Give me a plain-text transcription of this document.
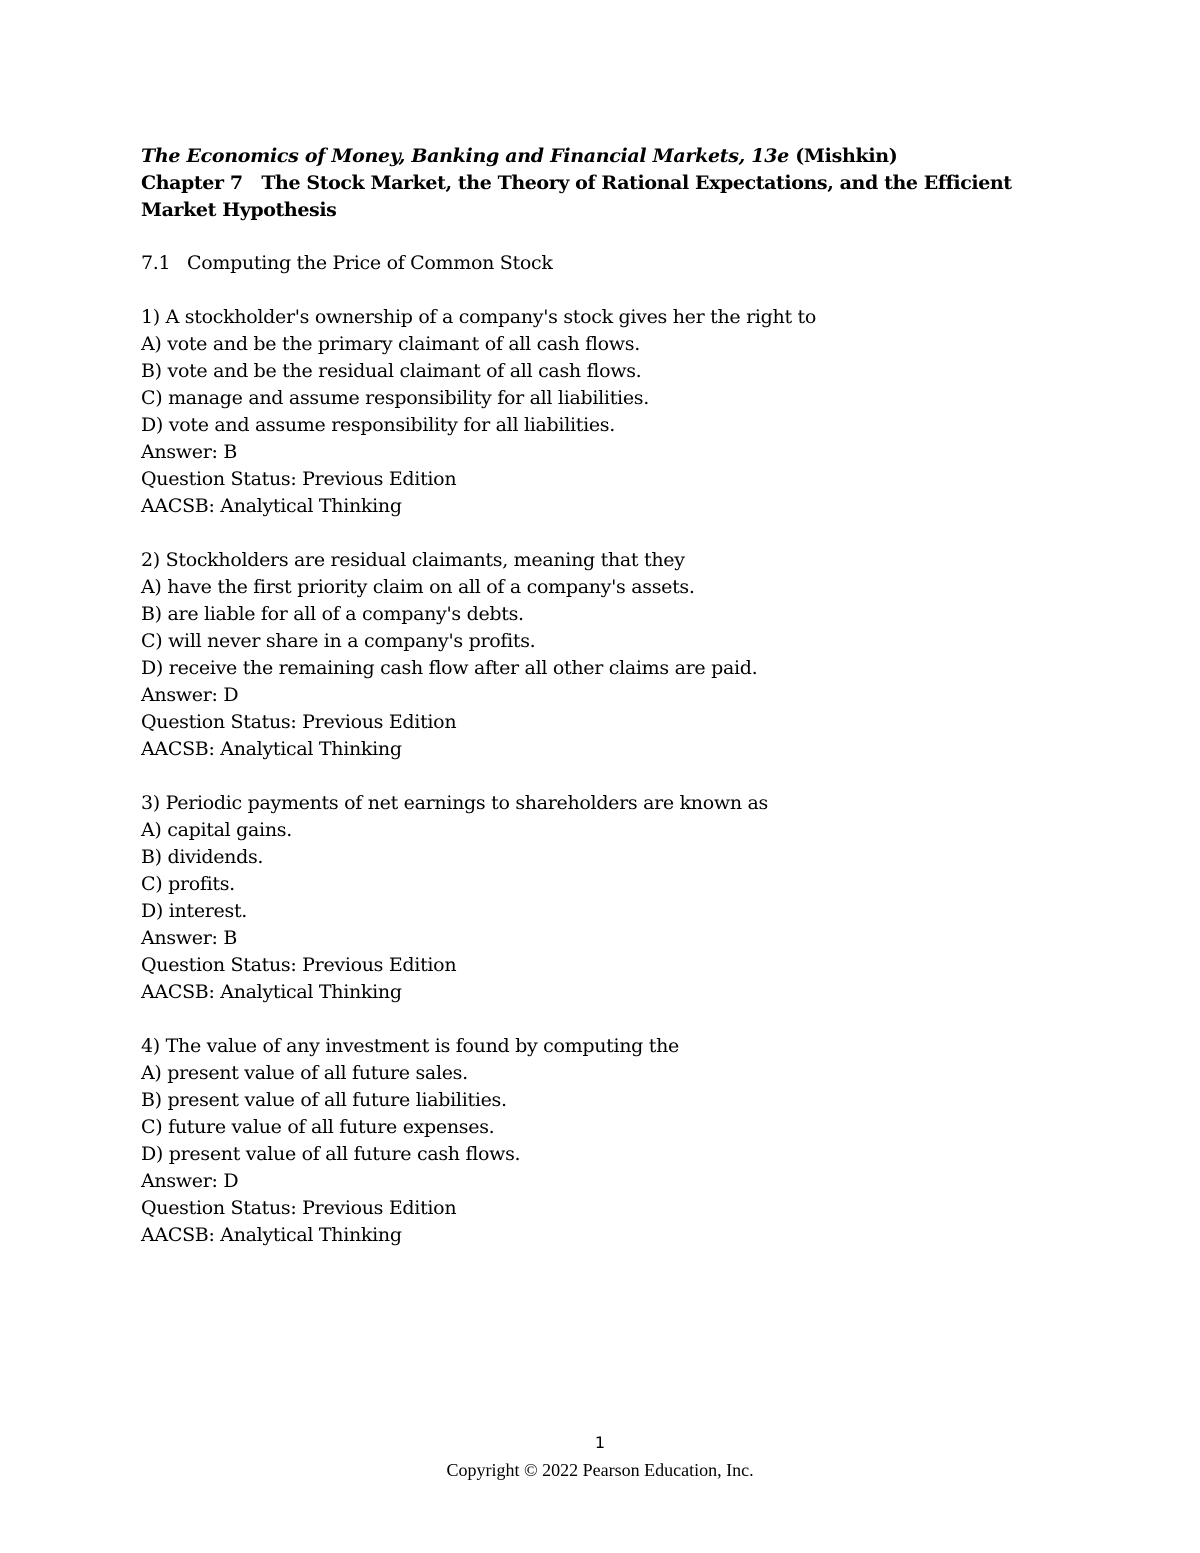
The Economics of Money, Banking and Financial Markets, 13e (Mishkin)
Chapter 7 The Stock Market, the Theory of Rational Expectations, and the Efficient
Market Hypothesis
7.1 Computing the Price of Common Stock
1) A stockholder's ownership of a company's stock gives her the right to
A) vote and be the primary claimant of all cash flows.
B) vote and be the residual claimant of all cash flows.
C) manage and assume responsibility for all liabilities.
D) vote and assume responsibility for all liabilities.
Answer: B
Question Status: Previous Edition
AACSB: Analytical Thinking
2) Stockholders are residual claimants, meaning that they
A) have the first priority claim on all of a company's assets.
B) are liable for all of a company's debts.
C) will never share in a company's profits.
D) receive the remaining cash flow after all other claims are paid.
Answer: D
Question Status: Previous Edition
AACSB: Analytical Thinking
3) Periodic payments of net earnings to shareholders are known as
A) capital gains.
B) dividends.
C) profits.
D) interest.
Answer: B
Question Status: Previous Edition
AACSB: Analytical Thinking
4) The value of any investment is found by computing the
A) present value of all future sales.
B) present value of all future liabilities.
C) future value of all future expenses.
D) present value of all future cash flows.
Answer: D
Question Status: Previous Edition
AACSB: Analytical Thinking
1
Copyright © 2022 Pearson Education, Inc.
